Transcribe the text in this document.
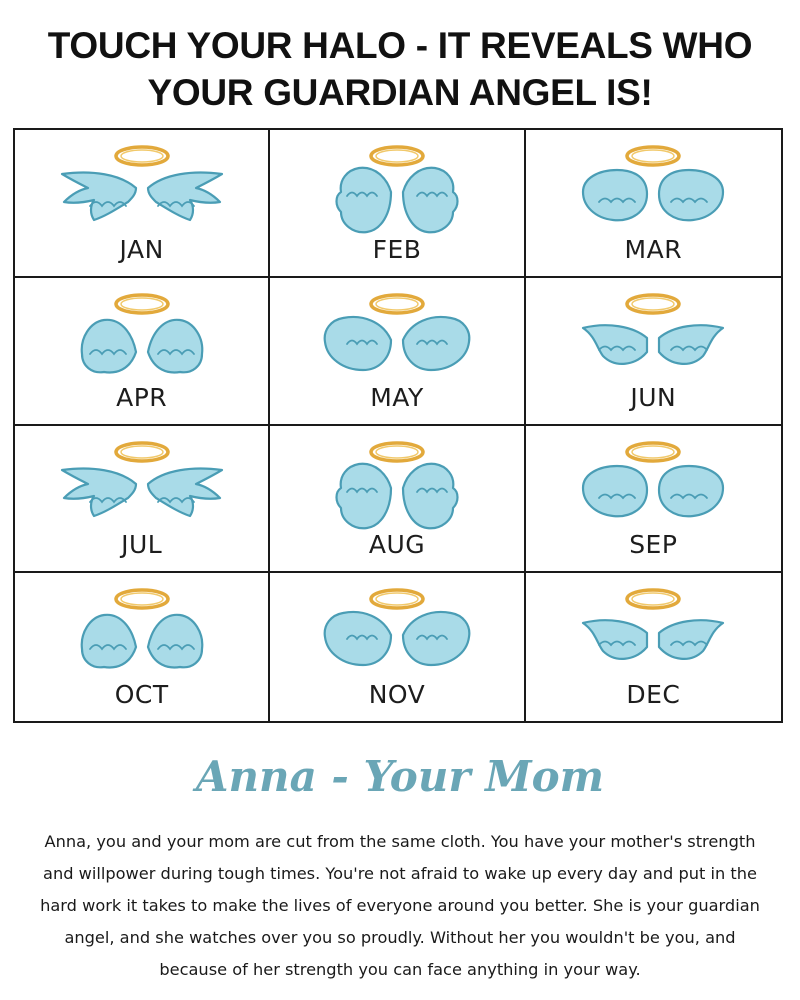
TOUCH YOUR HALO - IT REVEALS WHO
YOUR GUARDIAN ANGEL IS!
JAN	FEB	MAR
APR	MAY	JUN
JUL	AUG	SEP
OCT	NOV	DEC
Anna - Your Mom

Anna, you and your mom are cut from the same cloth. You have your mother's strength and willpower during tough times. You're not afraid to wake up every day and put in the hard work it takes to make the lives of everyone around you better. She is your guardian angel, and she watches over you so proudly. Without her you wouldn't be you, and because of her strength you can face anything in your way.
